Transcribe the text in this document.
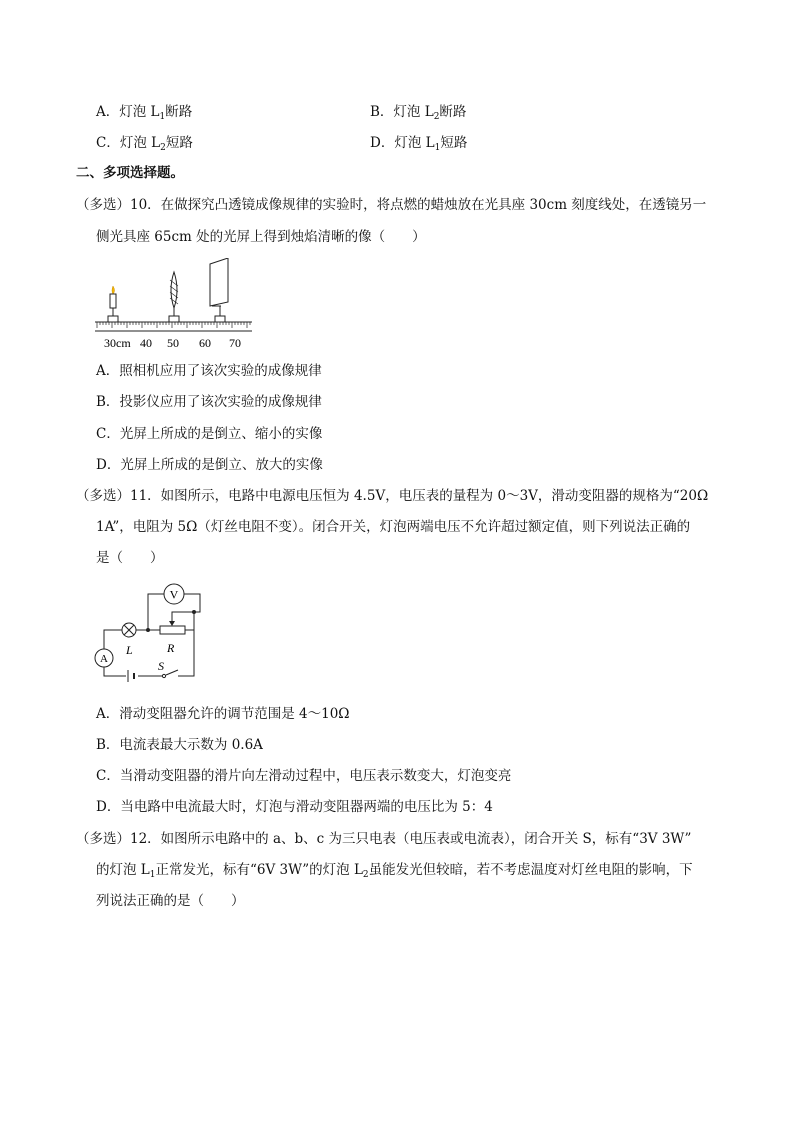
A．灯泡 $L_1$断路	B．灯泡 $L_2$断路
C．灯泡 $L_2$短路	D．灯泡 $L_1$短路
二、多项选择题。
（多选）10．在做探究凸透镜成像规律的实验时，将点燃的蜡烛放在光具座 30cm 刻度线处，在透镜另一
侧光具座 65cm 处的光屏上得到烛焰清晰的像（　　）
30cm 40 50 60 70
A．照相机应用了该次实验的成像规律
B．投影仪应用了该次实验的成像规律
C．光屏上所成的是倒立、缩小的实像
D．光屏上所成的是倒立、放大的实像
（多选）11．如图所示，电路中电源电压恒为 4.5V，电压表的量程为 0～3V，滑动变阻器的规格为“20Ω
1A”，电阻为 5Ω（灯丝电阻不变）。闭合开关，灯泡两端电压不允许超过额定值，则下列说法正确的
是（　　）
V
A
L	R
S
A．滑动变阻器允许的调节范围是 4～10Ω
B．电流表最大示数为 0.6A
C．当滑动变阻器的滑片向左滑动过程中，电压表示数变大，灯泡变亮
D．当电路中电流最大时，灯泡与滑动变阻器两端的电压比为 5：4
（多选）12．如图所示电路中的 a、b、c 为三只电表（电压表或电流表），闭合开关 S，标有“3V 3W”
的灯泡 $L_1$正常发光，标有“6V 3W”的灯泡 $L_2$虽能发光但较暗，若不考虑温度对灯丝电阻的影响，下
列说法正确的是（　　）
